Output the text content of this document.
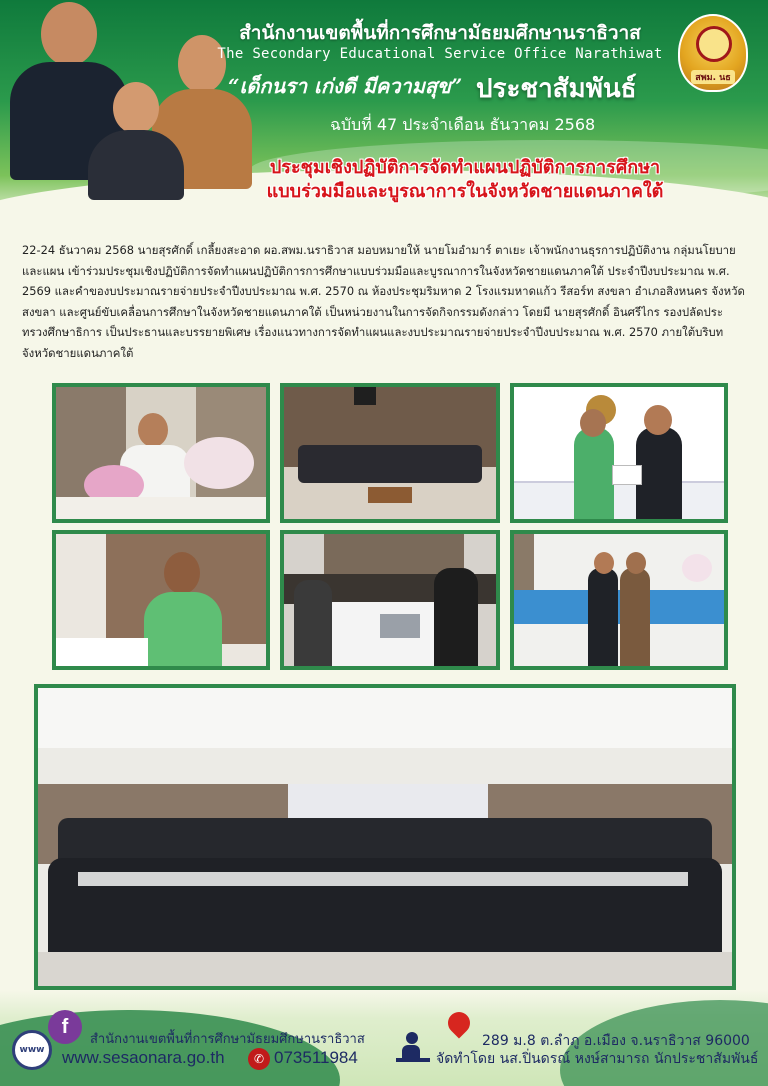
สำนักงานเขตพื้นที่การศึกษามัธยมศึกษานราธิวาส
The Secondary Educational Service Office Narathiwat
“เด็กนรา เก่งดี มีความสุข” ประชาสัมพันธ์
ฉบับที่ 47 ประจำเดือน ธันวาคม 2568
สพม. นธ
ประชุมเชิงปฏิบัติการจัดทำแผนปฏิบัติการการศึกษา
แบบร่วมมือและบูรณาการในจังหวัดชายแดนภาคใต้
22-24 ธันวาคม 2568 นายสุรศักดิ์ เกลี้ยงสะอาด ผอ.สพม.นราธิวาส มอบหมายให้ นายโมอำมาร์ ตาเยะ เจ้าพนักงานธุรการปฏิบัติงาน กลุ่มนโยบายและแผน เข้าร่วมประชุมเชิงปฏิบัติการจัดทำแผนปฏิบัติการการศึกษาแบบร่วมมือและบูรณาการในจังหวัดชายแดนภาคใต้ ประจำปีงบประมาณ พ.ศ. 2569 และคำของบประมาณรายจ่ายประจำปีงบประมาณ พ.ศ. 2570 ณ ห้องประชุมริมหาด 2 โรงแรมหาดแก้ว รีสอร์ท สงขลา อำเภอสิงหนคร จังหวัดสงขลา และศูนย์ขับเคลื่อนการศึกษาในจังหวัดชายแดนภาคใต้ เป็นหน่วยงานในการจัดกิจกรรมดังกล่าว โดยมี นายสุรศักดิ์ อินศรีไกร รองปลัดประทรวงศึกษาธิการ เป็นประธานและบรรยายพิเศษ เรื่องแนวทางการจัดทำแผนและงบประมาณรายจ่ายประจำปีงบประมาณ พ.ศ. 2570 ภายใต้บริบทจังหวัดชายแดนภาคใต้
www
f
สำนักงานเขตพื้นที่การศึกษามัธยมศึกษานราธิวาส
www.sesaonara.go.th	✆ 073511984
289 ม.8 ต.ลำภู อ.เมือง จ.นราธิวาส 96000
จัดทำโดย นส.ปิ่นดรณ์ หงษ์สามารถ นักประชาสัมพันธ์
